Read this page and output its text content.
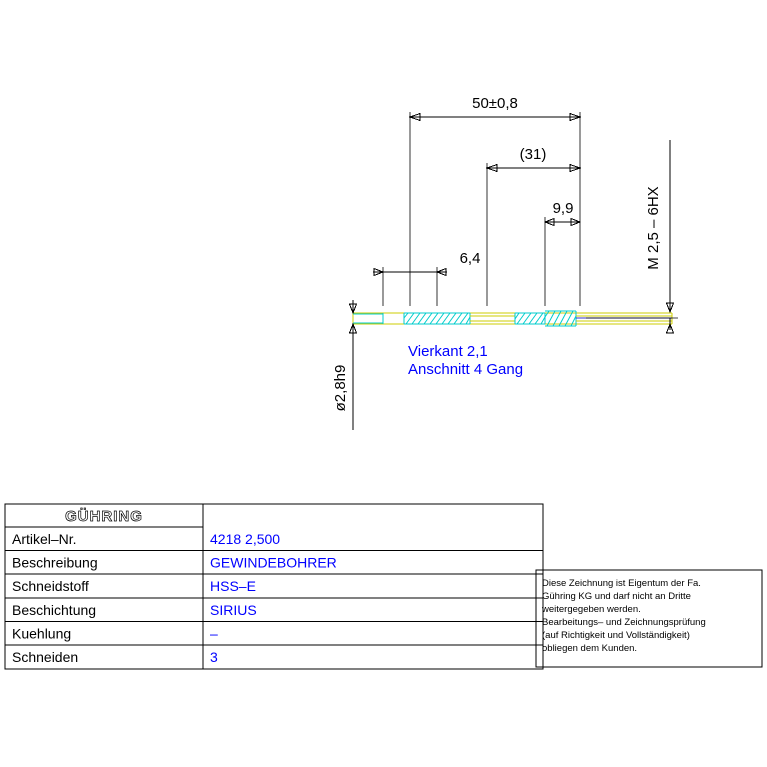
50±0,8
(31)
9,9
6,4	M 2,5 – 6HX
ø2,8h9
Vierkant 2,1
Anschnitt 4 Gang
GÜHRING
Artikel–Nr.
Beschreibung
Schneidstoff
Beschichtung
Kuehlung
Schneiden
4218 2,500
GEWINDEBOHRER
HSS–E
SIRIUS
–
3
Diese Zeichnung ist Eigentum der Fa.
Gühring KG und darf nicht an Dritte
weitergegeben werden.
Bearbeitungs– und Zeichnungsprüfung
(auf Richtigkeit und Vollständigkeit)
obliegen dem Kunden.
